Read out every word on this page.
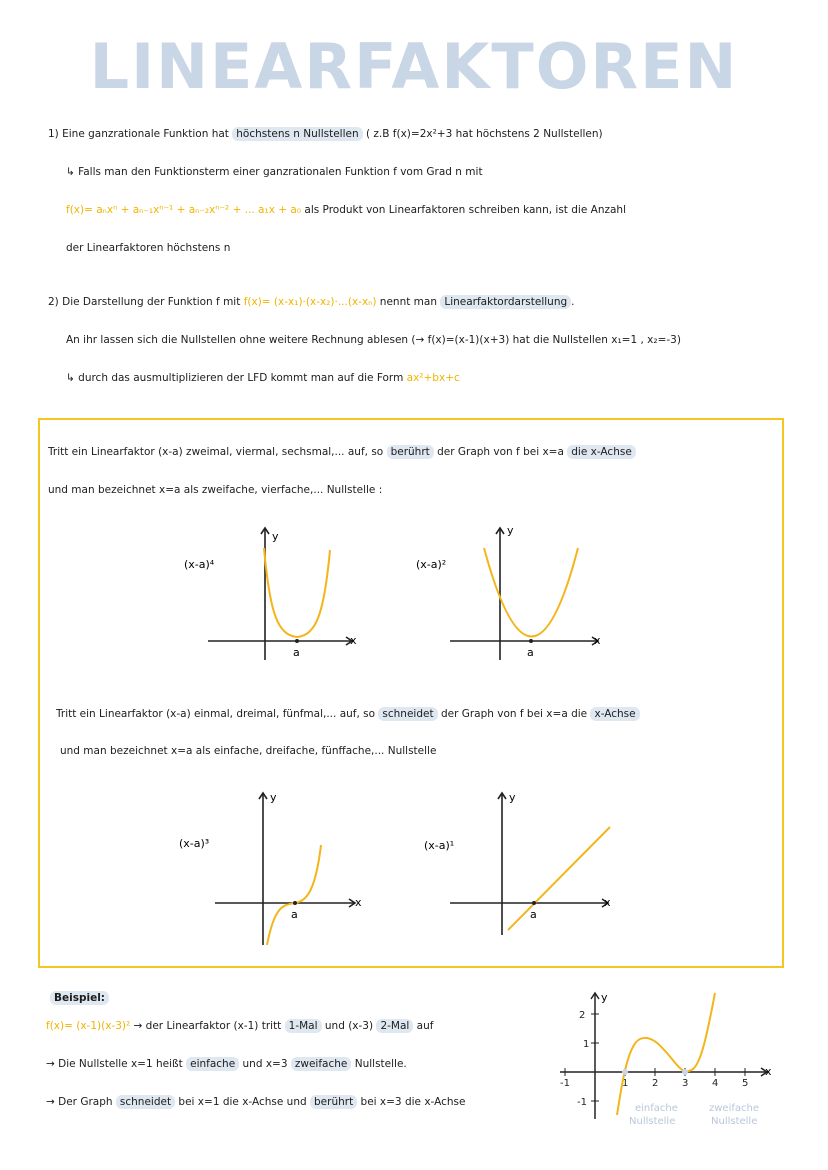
LINEARFAKTOREN
1) Eine ganzrationale Funktion hat höchstens n Nullstellen ( z.B f(x)=2x²+3 hat höchstens 2 Nullstellen)
↳ Falls man den Funktionsterm einer ganzrationalen Funktion f vom Grad n mit
f(x)= aₙxⁿ + aₙ₋₁xⁿ⁻¹ + aₙ₋₂xⁿ⁻² + ... a₁x + a₀ als Produkt von Linearfaktoren schreiben kann, ist die Anzahl
der Linearfaktoren höchstens n
2) Die Darstellung der Funktion f mit f(x)= (x-x₁)·(x-x₂)·...(x-xₙ) nennt man Linearfaktordarstellung .
An ihr lassen sich die Nullstellen ohne weitere Rechnung ablesen (→ f(x)=(x-1)(x+3) hat die Nullstellen x₁=1 , x₂=-3)
↳ durch das ausmultiplizieren der LFD kommt man auf die Form ax²+bx+c
Tritt ein Linearfaktor (x-a) zweimal, viermal, sechsmal,... auf, so berührt der Graph von f bei x=a die x-Achse
und man bezeichnet x=a als zweifache, vierfache,... Nullstelle :
(x-a)⁴
y
x
a
(x-a)²
y
x
a
Tritt ein Linearfaktor (x-a) einmal, dreimal, fünfmal,... auf, so schneidet der Graph von f bei x=a die x-Achse
und man bezeichnet x=a als einfache, dreifache, fünffache,... Nullstelle
(x-a)³
y
x
a
(x-a)¹
y
x
a
Beispiel:
f(x)= (x-1)(x-3)² → der Linearfaktor (x-1) tritt 1-Mal und (x-3) 2-Mal auf
→ Die Nullstelle x=1 heißt einfache und x=3 zweifache Nullstelle.
→ Der Graph schneidet bei x=1 die x-Achse und berührt bei x=3 die x-Achse
y
x
2
1
-1
-1	1 2 3 4 5
einfache
Nullstelle
zweifache
Nullstelle
